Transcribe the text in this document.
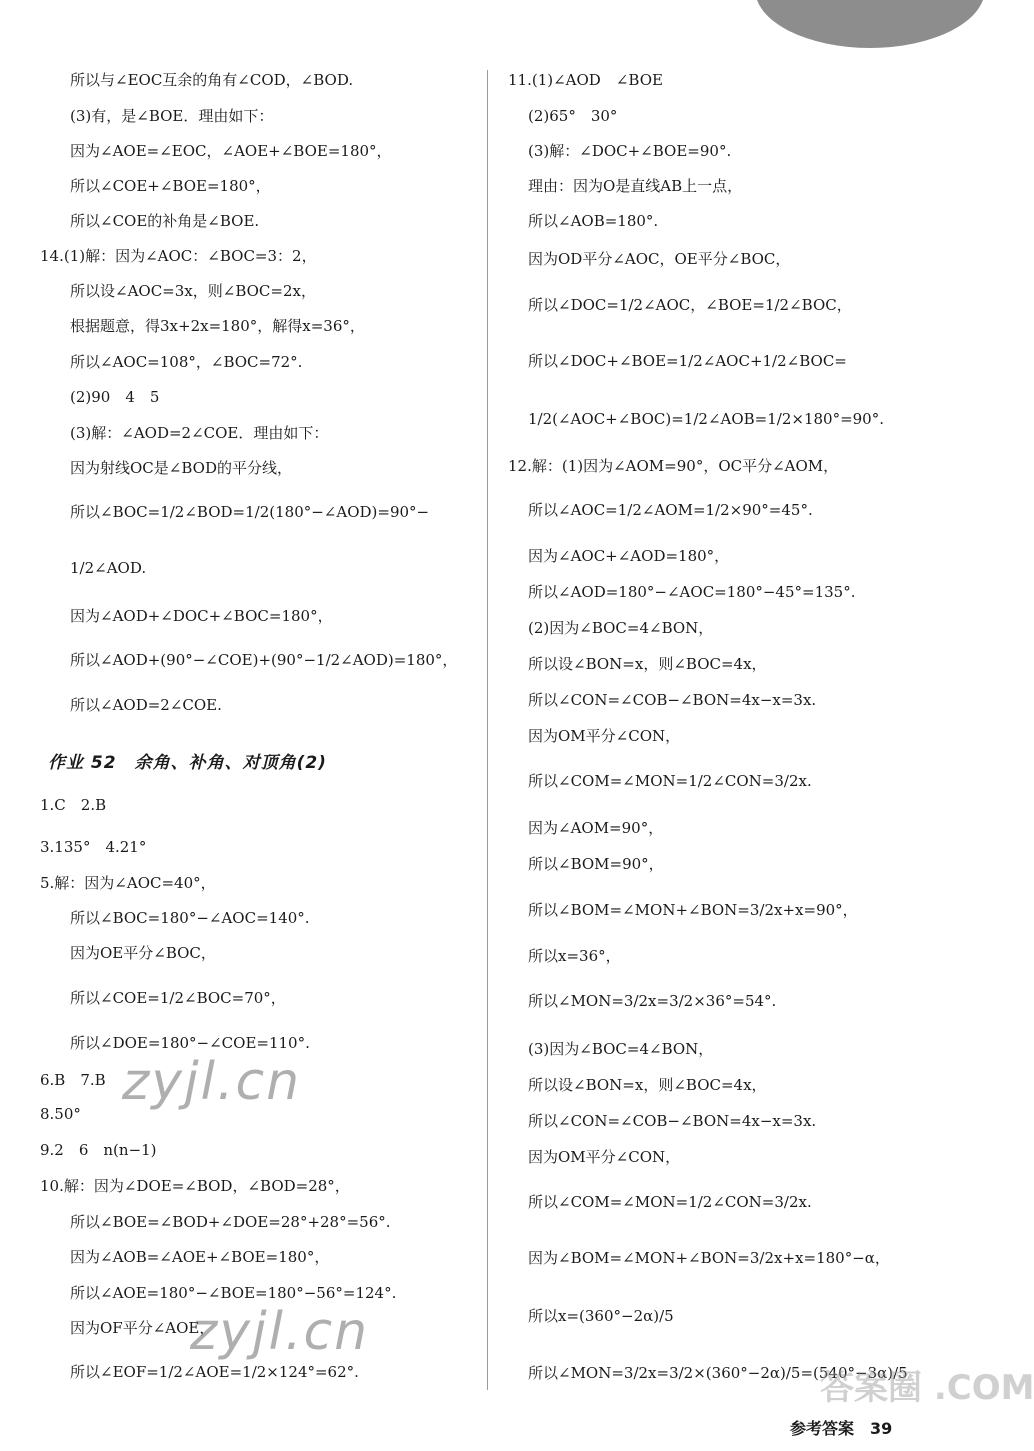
所以与∠EOC互余的角有∠COD，∠BOD.
(3)有，是∠BOE．理由如下：
因为∠AOE=∠EOC，∠AOE+∠BOE=180°，
所以∠COE+∠BOE=180°，
所以∠COE的补角是∠BOE.
14.(1)解：因为∠AOC：∠BOC=3：2，
所以设∠AOC=3x，则∠BOC=2x，
根据题意，得3x+2x=180°，解得x=36°，
所以∠AOC=108°，∠BOC=72°.
(2)90　4　5
(3)解：∠AOD=2∠COE．理由如下：
因为射线OC是∠BOD的平分线，
所以∠BOC=1/2∠BOD=1/2(180°−∠AOD)=90°−
1/2∠AOD.
因为∠AOD+∠DOC+∠BOC=180°，
所以∠AOD+(90°−∠COE)+(90°−1/2∠AOD)=180°，
所以∠AOD=2∠COE.
作业 52　余角、补角、对顶角(2)
1.C　2.B
3.135°　4.21°
5.解：因为∠AOC=40°，
所以∠BOC=180°−∠AOC=140°.
因为OE平分∠BOC，
所以∠COE=1/2∠BOC=70°，
所以∠DOE=180°−∠COE=110°.
6.B　7.B
8.50°
9.2　6　n(n−1)
10.解：因为∠DOE=∠BOD，∠BOD=28°，
所以∠BOE=∠BOD+∠DOE=28°+28°=56°.
因为∠AOB=∠AOE+∠BOE=180°，
所以∠AOE=180°−∠BOE=180°−56°=124°.
因为OF平分∠AOE，
所以∠EOF=1/2∠AOE=1/2×124°=62°.
11.(1)∠AOD　∠BOE
(2)65°　30°
(3)解：∠DOC+∠BOE=90°.
理由：因为O是直线AB上一点，
所以∠AOB=180°.
因为OD平分∠AOC，OE平分∠BOC，
所以∠DOC=1/2∠AOC，∠BOE=1/2∠BOC，
所以∠DOC+∠BOE=1/2∠AOC+1/2∠BOC=
1/2(∠AOC+∠BOC)=1/2∠AOB=1/2×180°=90°.
12.解：(1)因为∠AOM=90°，OC平分∠AOM，
所以∠AOC=1/2∠AOM=1/2×90°=45°.
因为∠AOC+∠AOD=180°，
所以∠AOD=180°−∠AOC=180°−45°=135°.
(2)因为∠BOC=4∠BON，
所以设∠BON=x，则∠BOC=4x，
所以∠CON=∠COB−∠BON=4x−x=3x.
因为OM平分∠CON，
所以∠COM=∠MON=1/2∠CON=3/2x.
因为∠AOM=90°，
所以∠BOM=90°，
所以∠BOM=∠MON+∠BON=3/2x+x=90°，
所以x=36°，
所以∠MON=3/2x=3/2×36°=54°.
(3)因为∠BOC=4∠BON，
所以设∠BON=x，则∠BOC=4x，
所以∠CON=∠COB−∠BON=4x−x=3x.
因为OM平分∠CON，
所以∠COM=∠MON=1/2∠CON=3/2x.
因为∠BOM=∠MON+∠BON=3/2x+x=180°−α，
所以x=(360°−2α)/5
所以∠MON=3/2x=3/2×(360°−2α)/5=(540°−3α)/5
zyjl.cn
zyjl.cn
答案圈 .COM
参考答案　39
